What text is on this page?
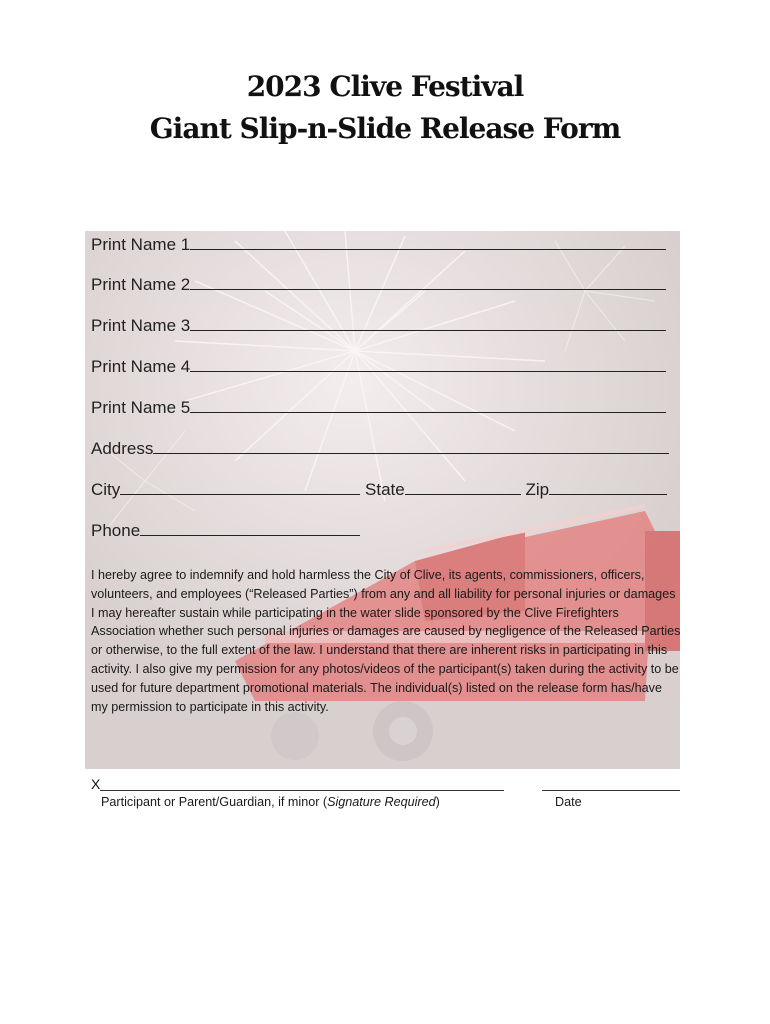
2023 Clive Festival
Giant Slip-n-Slide Release Form
Print Name 1
Print Name 2
Print Name 3
Print Name 4
Print Name 5
Address
City	State	Zip
Phone
I hereby agree to indemnify and hold harmless the City of Clive, its agents, commissioners, officers, volunteers, and employees (“Released Parties”) from any and all liability for personal injuries or damages I may hereafter sustain while participating in the water slide sponsored by the Clive Firefighters Association whether such personal injuries or damages are caused by negligence of the Released Parties or otherwise, to the full extent of the law. I understand that there are inherent risks in participating in this activity. I also give my permission for any photos/videos of the participant(s) taken during the activity to be used for future department promotional materials. The individual(s) listed on the release form has/have my permission to participate in this activity.
X
Participant or Parent/Guardian, if minor (Signature Required)	Date
